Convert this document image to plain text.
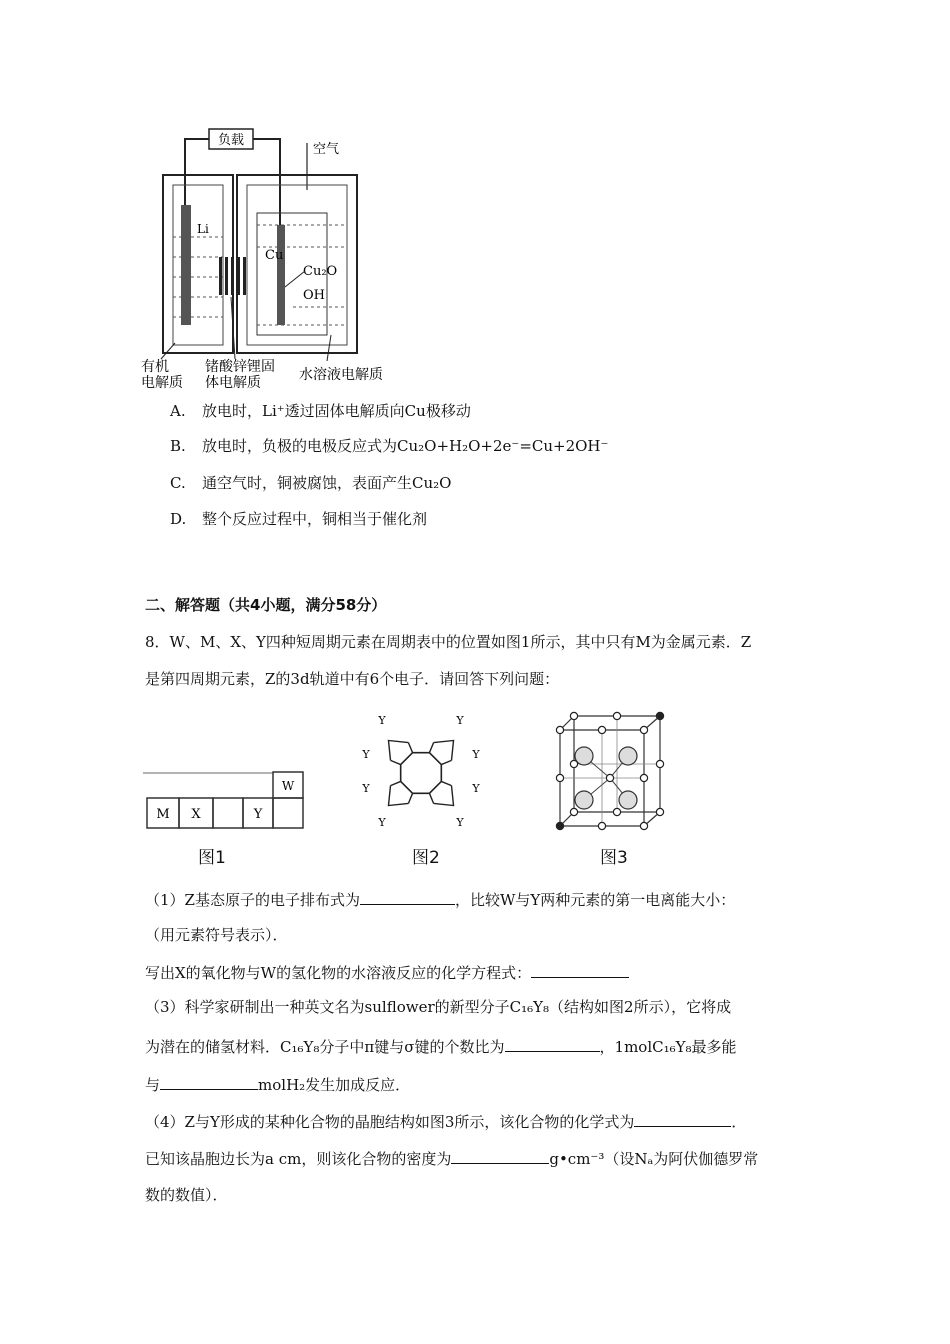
负载
空气
Li
Cu
Cu₂O
OH
有机
电解质
锗酸锌锂固
体电解质	水溶液电解质
A. 放电时，Li⁺透过固体电解质向Cu极移动
B. 放电时，负极的电极反应式为Cu₂O+H₂O+2e⁻=Cu+2OH⁻
C. 通空气时，铜被腐蚀，表面产生Cu₂O
D. 整个反应过程中，铜相当于催化剂
二、解答题（共4小题，满分58分）
8．W、M、X、Y四种短周期元素在周期表中的位置如图1所示，其中只有M为金属元素．Z
是第四周期元素，Z的3d轨道中有6个电子．请回答下列问题：
M X	Y
W
图1
Y	Y
Y	Y
Y	Y
Y	Y
图2	图3
（1）Z基态原子的电子排布式为	，比较W与Y两种元素的第一电离能大小：
（用元素符号表示）．
写出X的氧化物与W的氢化物的水溶液反应的化学方程式：
（3）科学家研制出一种英文名为sulflower的新型分子C₁₆Y₈（结构如图2所示），它将成
为潜在的储氢材料．C₁₆Y₈分子中π键与σ键的个数比为	，1molC₁₆Y₈最多能
与	molH₂发生加成反应．
（4）Z与Y形成的某种化合物的晶胞结构如图3所示，该化合物的化学式为	．
已知该晶胞边长为a cm，则该化合物的密度为	g•cm⁻³（设Nₐ为阿伏伽德罗常
数的数值）．
